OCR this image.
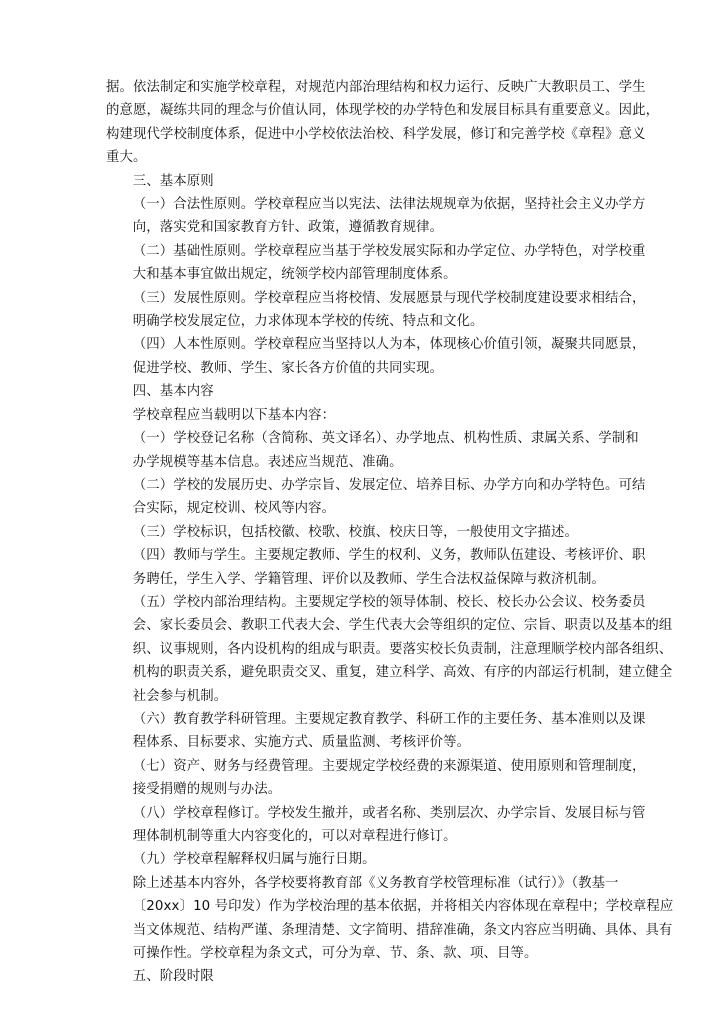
据。依法制定和实施学校章程，对规范内部治理结构和权力运行、反映广大教职员工、学生
的意愿，凝练共同的理念与价值认同，体现学校的办学特色和发展目标具有重要意义。因此，
构建现代学校制度体系，促进中小学校依法治校、科学发展，修订和完善学校《章程》意义
重大。

三、基本原则

（一）合法性原则。学校章程应当以宪法、法律法规规章为依据，坚持社会主义办学方
向，落实党和国家教育方针、政策，遵循教育规律。

（二）基础性原则。学校章程应当基于学校发展实际和办学定位、办学特色，对学校重
大和基本事宜做出规定，统领学校内部管理制度体系。

（三）发展性原则。学校章程应当将校情、发展愿景与现代学校制度建设要求相结合，
明确学校发展定位，力求体现本学校的传统、特点和文化。

（四）人本性原则。学校章程应当坚持以人为本，体现核心价值引领，凝聚共同愿景，
促进学校、教师、学生、家长各方价值的共同实现。

四、基本内容

学校章程应当载明以下基本内容：

（一）学校登记名称（含简称、英文译名）、办学地点、机构性质、隶属关系、学制和
办学规模等基本信息。表述应当规范、准确。

（二）学校的发展历史、办学宗旨、发展定位、培养目标、办学方向和办学特色。可结
合实际，规定校训、校风等内容。

（三）学校标识，包括校徽、校歌、校旗、校庆日等，一般使用文字描述。

（四）教师与学生。主要规定教师、学生的权利、义务，教师队伍建设、考核评价、职
务聘任，学生入学、学籍管理、评价以及教师、学生合法权益保障与救济机制。

（五）学校内部治理结构。主要规定学校的领导体制、校长、校长办公会议、校务委员
会、家长委员会、教职工代表大会、学生代表大会等组织的定位、宗旨、职责以及基本的组
织、议事规则，各内设机构的组成与职责。要落实校长负责制，注意理顺学校内部各组织、
机构的职责关系，避免职责交叉、重复，建立科学、高效、有序的内部运行机制，建立健全
社会参与机制。

（六）教育教学科研管理。主要规定教育教学、科研工作的主要任务、基本准则以及课
程体系、目标要求、实施方式、质量监测、考核评价等。

（七）资产、财务与经费管理。主要规定学校经费的来源渠道、使用原则和管理制度，
接受捐赠的规则与办法。

（八）学校章程修订。学校发生撤并，或者名称、类别层次、办学宗旨、发展目标与管
理体制机制等重大内容变化的，可以对章程进行修订。

（九）学校章程解释权归属与施行日期。

除上述基本内容外，各学校要将教育部《义务教育学校管理标准（试行）》（教基一
〔20xx〕10 号印发）作为学校治理的基本依据，并将相关内容体现在章程中；学校章程应
当文体规范、结构严谨、条理清楚、文字简明、措辞准确，条文内容应当明确、具体、具有
可操作性。学校章程为条文式，可分为章、节、条、款、项、目等。

五、阶段时限
